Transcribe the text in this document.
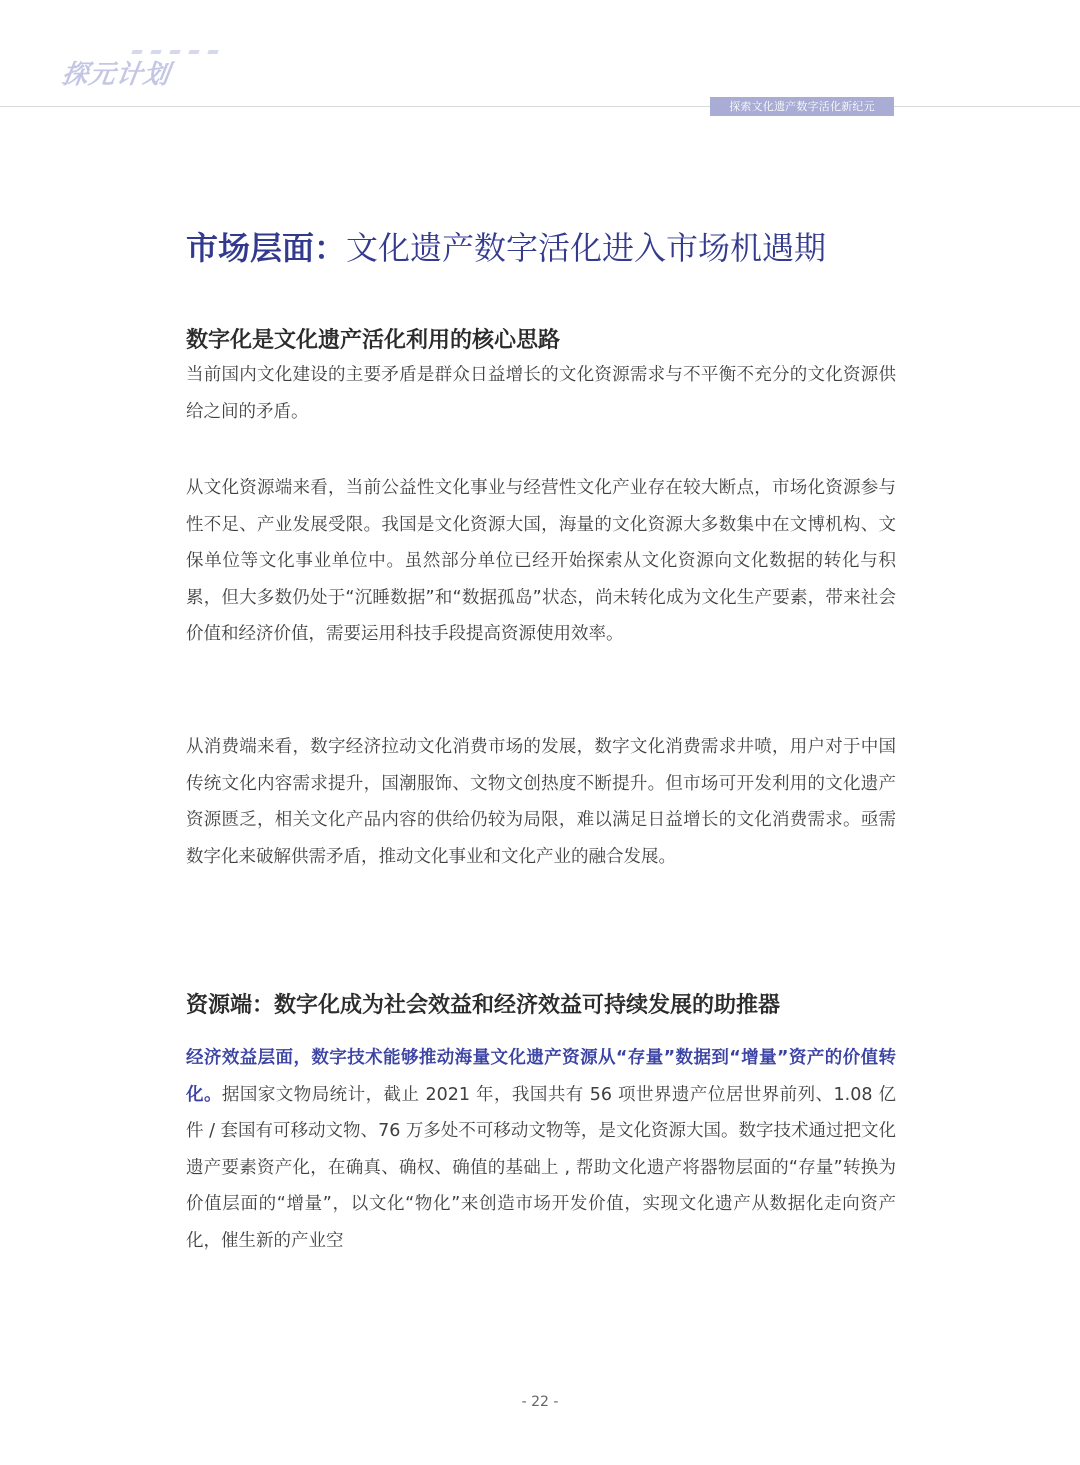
探元计划
探索文化遗产数字活化新纪元
市场层面：文化遗产数字活化进入市场机遇期
数字化是文化遗产活化利用的核心思路

当前国内文化建设的主要矛盾是群众日益增长的文化资源需求与不平衡不充分的文化资源供给之间的矛盾。

从文化资源端来看，当前公益性文化事业与经营性文化产业存在较大断点，市场化资源参与性不足、产业发展受限。我国是文化资源大国，海量的文化资源大多数集中在文博机构、文保单位等文化事业单位中。虽然部分单位已经开始探索从文化资源向文化数据的转化与积累，但大多数仍处于“沉睡数据”和“数据孤岛”状态，尚未转化成为文化生产要素，带来社会价值和经济价值，需要运用科技手段提高资源使用效率。

从消费端来看，数字经济拉动文化消费市场的发展，数字文化消费需求井喷，用户对于中国传统文化内容需求提升，国潮服饰、文物文创热度不断提升。但市场可开发利用的文化遗产资源匮乏，相关文化产品内容的供给仍较为局限，难以满足日益增长的文化消费需求。亟需数字化来破解供需矛盾，推动文化事业和文化产业的融合发展。

资源端：数字化成为社会效益和经济效益可持续发展的助推器

经济效益层面，数字技术能够推动海量文化遗产资源从“存量”数据到“增量”资产的价值转化。据国家文物局统计，截止 2021 年，我国共有 56 项世界遗产位居世界前列、1.08 亿件 / 套国有可移动文物、76 万多处不可移动文物等，是文化资源大国。数字技术通过把文化遗产要素资产化，在确真、确权、确值的基础上 , 帮助文化遗产将器物层面的“存量”转换为价值层面的“增量”，以文化“物化”来创造市场开发价值，实现文化遗产从数据化走向资产化，催生新的产业空

- 22 -
